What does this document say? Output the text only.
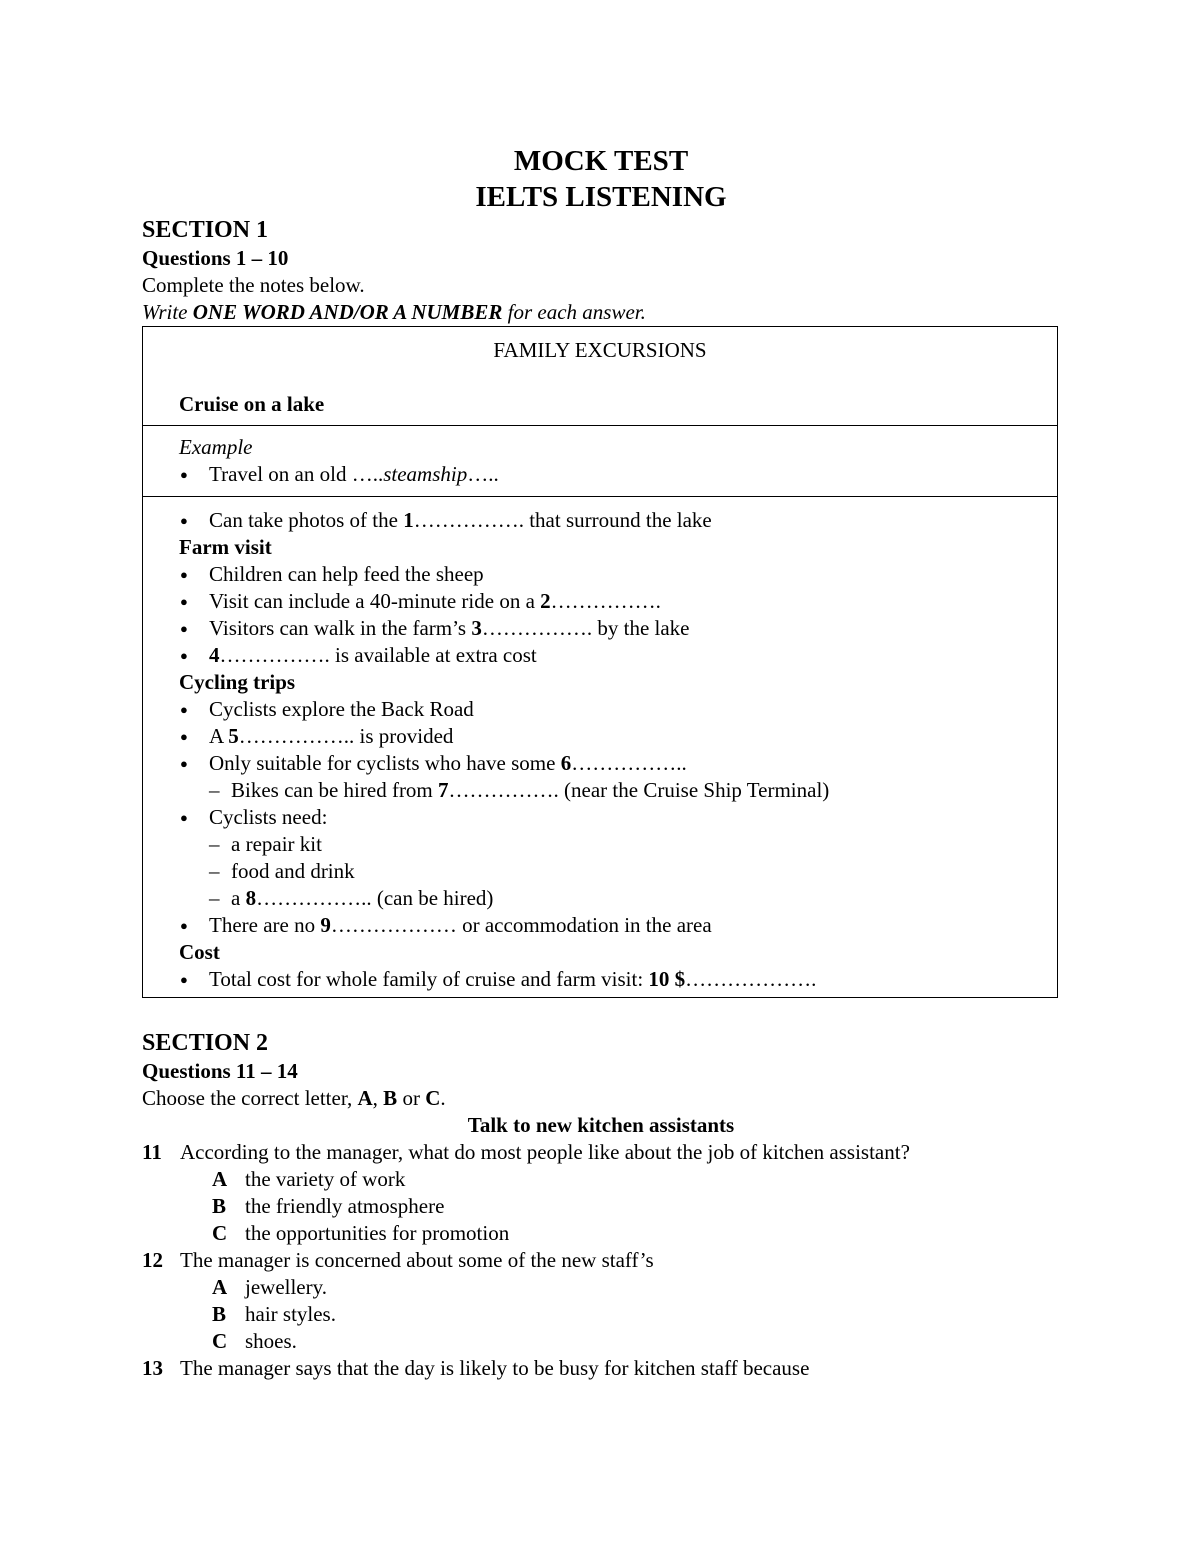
MOCK TEST
IELTS LISTENING
SECTION 1
Questions 1 – 10
Complete the notes below.
Write ONE WORD AND/OR A NUMBER for each answer.
FAMILY EXCURSIONS
Cruise on a lake
Example
● Travel on an old …..steamship…..
● Can take photos of the 1……………. that surround the lake
Farm visit
● Children can help feed the sheep
● Visit can include a 40-minute ride on a 2…………….
● Visitors can walk in the farm’s 3……………. by the lake
● 4……………. is available at extra cost
Cycling trips
● Cyclists explore the Back Road
● A 5…………….. is provided
● Only suitable for cyclists who have some 6……………..
– Bikes can be hired from 7……………. (near the Cruise Ship Terminal)
● Cyclists need:
– a repair kit
– food and drink
– a 8…………….. (can be hired)
● There are no 9……………… or accommodation in the area
Cost
● Total cost for whole family of cruise and farm visit: 10 $……………….
SECTION 2
Questions 11 – 14
Choose the correct letter, A, B or C.
Talk to new kitchen assistants
11 According to the manager, what do most people like about the job of kitchen assistant?
A the variety of work
B the friendly atmosphere
C the opportunities for promotion
12 The manager is concerned about some of the new staff’s
A jewellery.
B hair styles.
C shoes.
13 The manager says that the day is likely to be busy for kitchen staff because
